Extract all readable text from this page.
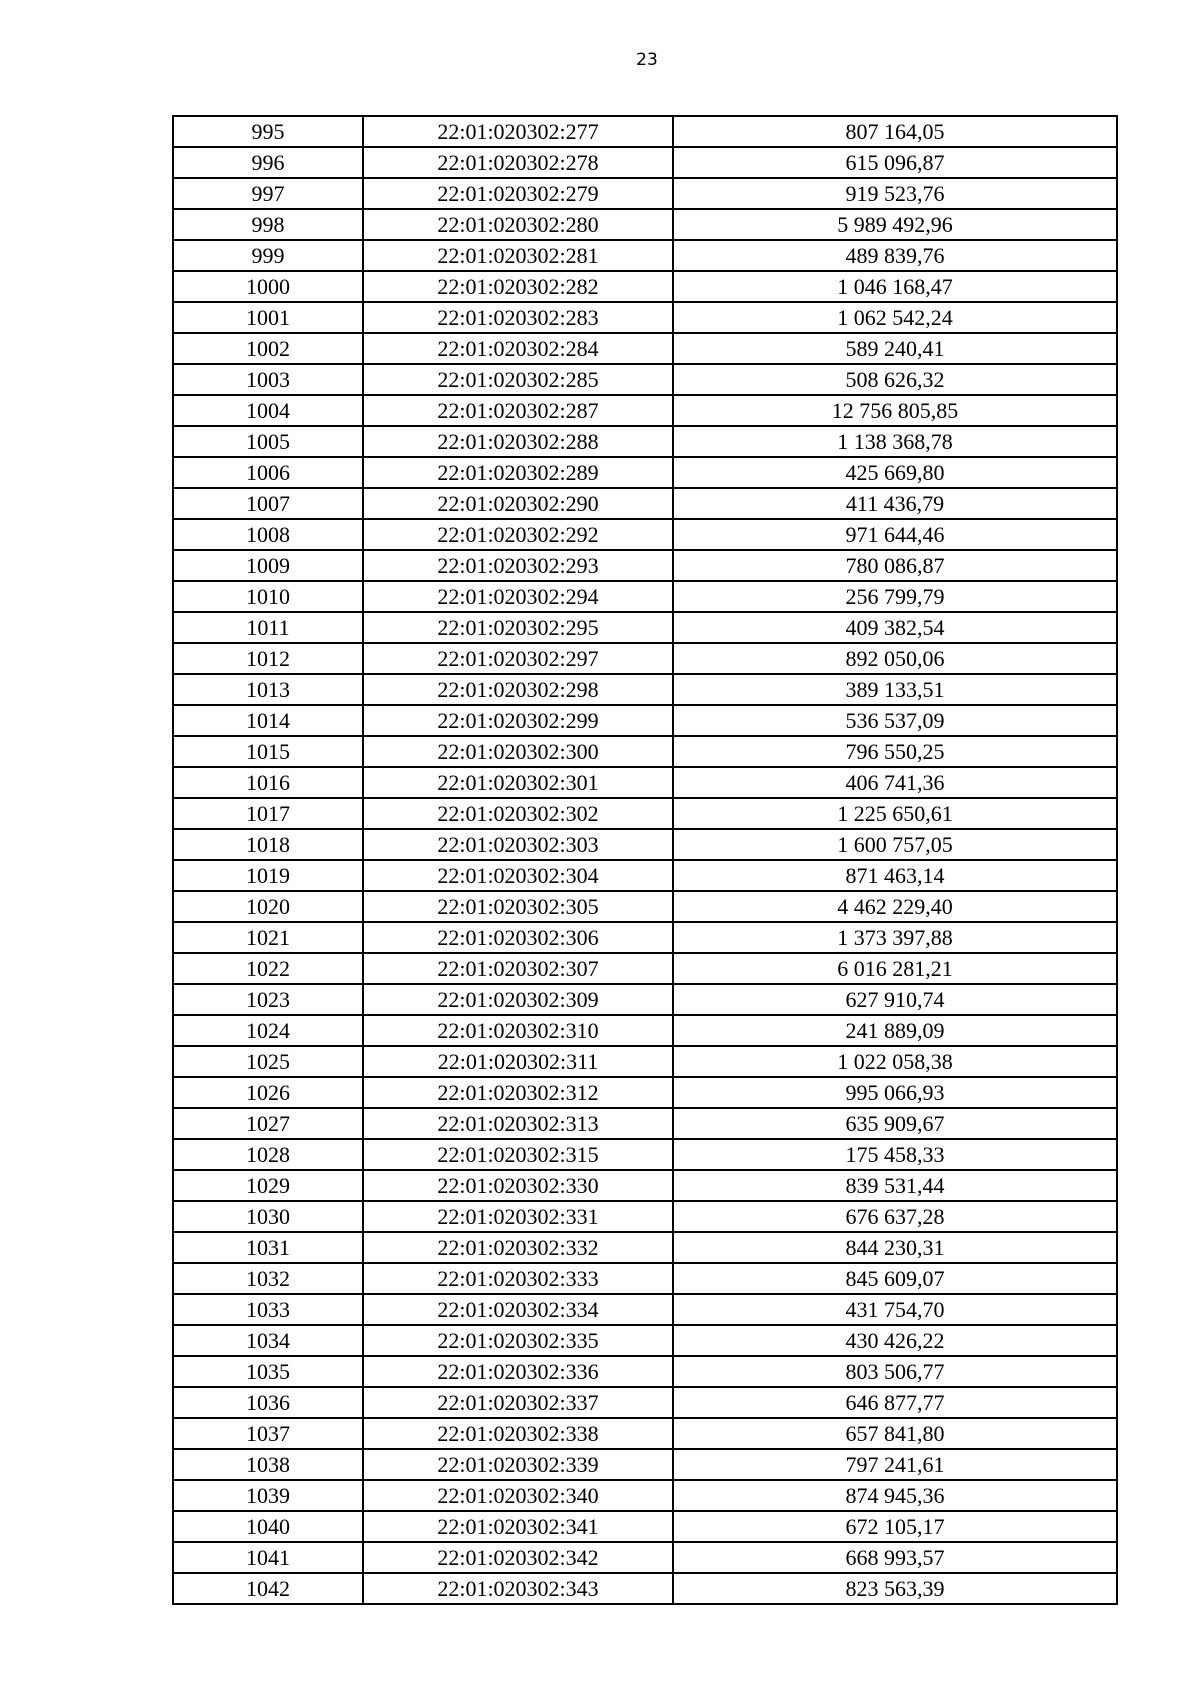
23
995	22:01:020302:277	807 164,05
996	22:01:020302:278	615 096,87
997	22:01:020302:279	919 523,76
998	22:01:020302:280	5 989 492,96
999	22:01:020302:281	489 839,76
1000	22:01:020302:282	1 046 168,47
1001	22:01:020302:283	1 062 542,24
1002	22:01:020302:284	589 240,41
1003	22:01:020302:285	508 626,32
1004	22:01:020302:287	12 756 805,85
1005	22:01:020302:288	1 138 368,78
1006	22:01:020302:289	425 669,80
1007	22:01:020302:290	411 436,79
1008	22:01:020302:292	971 644,46
1009	22:01:020302:293	780 086,87
1010	22:01:020302:294	256 799,79
1011	22:01:020302:295	409 382,54
1012	22:01:020302:297	892 050,06
1013	22:01:020302:298	389 133,51
1014	22:01:020302:299	536 537,09
1015	22:01:020302:300	796 550,25
1016	22:01:020302:301	406 741,36
1017	22:01:020302:302	1 225 650,61
1018	22:01:020302:303	1 600 757,05
1019	22:01:020302:304	871 463,14
1020	22:01:020302:305	4 462 229,40
1021	22:01:020302:306	1 373 397,88
1022	22:01:020302:307	6 016 281,21
1023	22:01:020302:309	627 910,74
1024	22:01:020302:310	241 889,09
1025	22:01:020302:311	1 022 058,38
1026	22:01:020302:312	995 066,93
1027	22:01:020302:313	635 909,67
1028	22:01:020302:315	175 458,33
1029	22:01:020302:330	839 531,44
1030	22:01:020302:331	676 637,28
1031	22:01:020302:332	844 230,31
1032	22:01:020302:333	845 609,07
1033	22:01:020302:334	431 754,70
1034	22:01:020302:335	430 426,22
1035	22:01:020302:336	803 506,77
1036	22:01:020302:337	646 877,77
1037	22:01:020302:338	657 841,80
1038	22:01:020302:339	797 241,61
1039	22:01:020302:340	874 945,36
1040	22:01:020302:341	672 105,17
1041	22:01:020302:342	668 993,57
1042	22:01:020302:343	823 563,39
